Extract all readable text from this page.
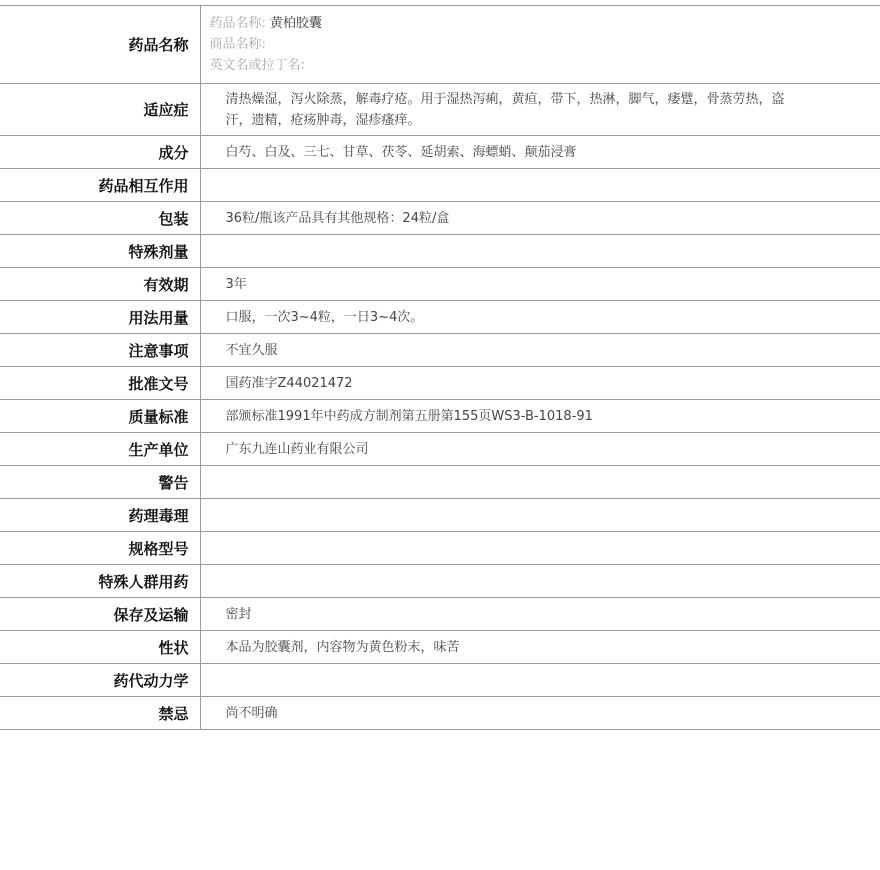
药品名称	药品名称: 黄柏胶囊
商品名称:
英文名或拉丁名:

适应症	清热燥湿，泻火除蒸，解毒疗疮。用于湿热泻痢，黄疸，带下，热淋，脚气，痿躄，骨蒸劳热，盗汗，遗精，疮疡肿毒，湿疹瘙痒。

成分	白芍、白及、三七、甘草、茯苓、延胡索、海螵蛸、颠茄浸膏
药品相互作用	
包装	36粒/瓶该产品具有其他规格：24粒/盒
特殊剂量	
有效期	3年
用法用量	口服，一次3~4粒，一日3~4次。
注意事项	不宜久服
批准文号	国药准字Z44021472
质量标准	部颁标准1991年中药成方制剂第五册第155页WS3-B-1018-91
生产单位	广东九连山药业有限公司
警告	
药理毒理	
规格型号	
特殊人群用药	
保存及运输	密封
性状	本品为胶囊剂，内容物为黄色粉末，味苦
药代动力学	
禁忌	尚不明确
